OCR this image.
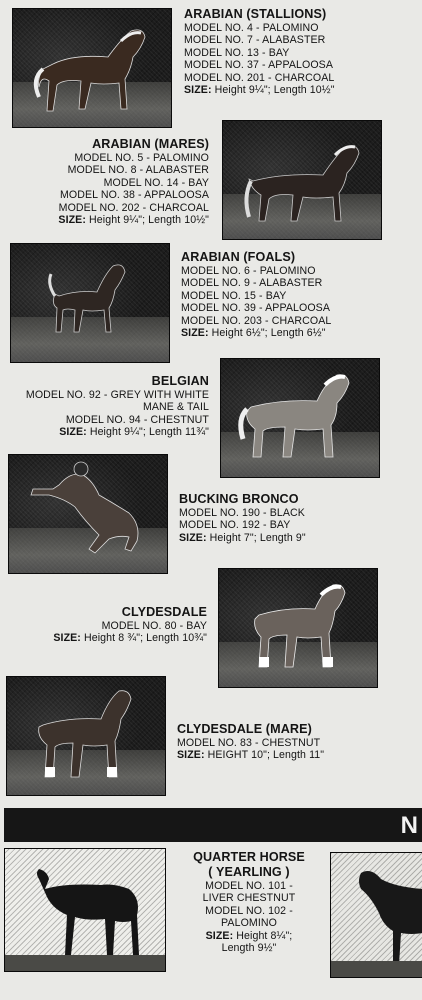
ARABIAN (STALLIONS)
MODEL NO. 4 - PALOMINO
MODEL NO. 7 - ALABASTER
MODEL NO. 13 - BAY
MODEL NO. 37 - APPALOOSA
MODEL NO. 201 - CHARCOAL
SIZE: Height 9¼"; Length 10½"
ARABIAN (MARES)
MODEL NO. 5 - PALOMINO
MODEL NO. 8 - ALABASTER
MODEL NO. 14 - BAY
MODEL NO. 38 - APPALOOSA
MODEL NO. 202 - CHARCOAL
SIZE: Height 9¼"; Length 10½"
ARABIAN (FOALS)
MODEL NO. 6 - PALOMINO
MODEL NO. 9 - ALABASTER
MODEL NO. 15 - BAY
MODEL NO. 39 - APPALOOSA
MODEL NO. 203 - CHARCOAL
SIZE: Height 6½"; Length 6½"
BELGIAN
MODEL NO. 92 - GREY WITH WHITE
MANE & TAIL
MODEL NO. 94 - CHESTNUT
SIZE: Height 9¼"; Length 11¾"
BUCKING BRONCO
MODEL NO. 190 - BLACK
MODEL NO. 192 - BAY
SIZE: Height 7"; Length 9"
CLYDESDALE
MODEL NO. 80 - BAY
SIZE: Height 8 ¾"; Length 10¾"
CLYDESDALE (MARE)
MODEL NO. 83 - CHESTNUT
SIZE: HEIGHT 10"; Length 11"
N
QUARTER HORSE
( YEARLING )
MODEL NO. 101 -
LIVER CHESTNUT
MODEL NO. 102 -
PALOMINO
SIZE: Height 8¼";
Length 9½"
